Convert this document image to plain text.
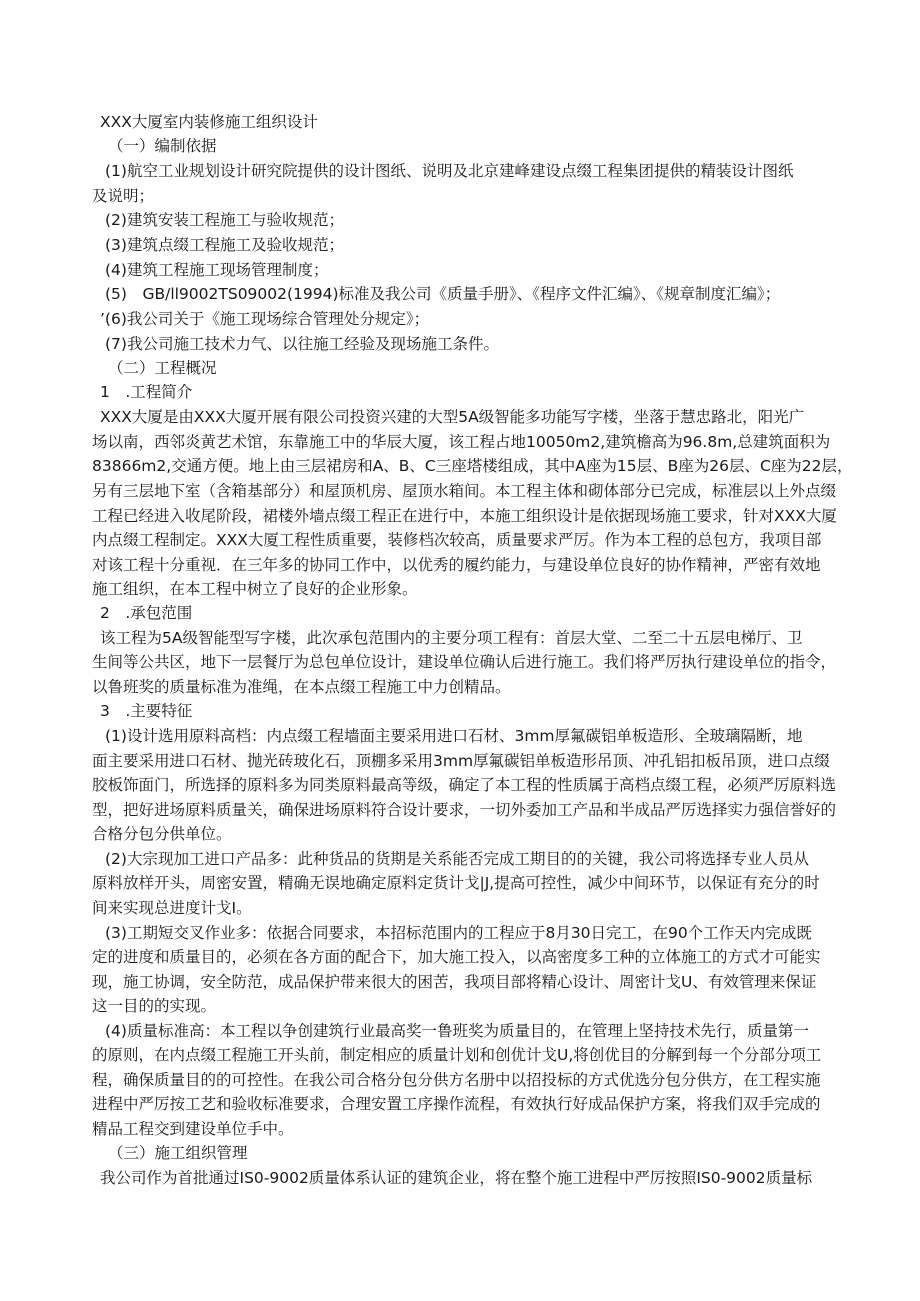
XXX大厦室内装修施工组织设计
（一）编制依据
(1)航空工业规划设计研究院提供的设计图纸、说明及北京建峰建设点缀工程集团提供的精装设计图纸
及说明；
(2)建筑安装工程施工与验收规范；
(3)建筑点缀工程施工及验收规范；
(4)建筑工程施工现场管理制度；
(5)　GB/ll9002TS09002(1994)标准及我公司《质量手册》、《程序文件汇编》、《规章制度汇编》；
’(6)我公司关于《施工现场综合管理处分规定》；
(7)我公司施工技术力气、以往施工经验及现场施工条件。
（二）工程概况
1　.工程简介
XXX大厦是由XXX大厦开展有限公司投资兴建的大型5A级智能多功能写字楼，坐落于慧忠路北，阳光广
场以南，西邻炎黄艺术馆，东靠施工中的华辰大厦，该工程占地10050m2,建筑檐高为96.8m,总建筑面积为
83866m2,交通方便。地上由三层裙房和A、B、C三座塔楼组成，其中A座为15层、B座为26层、C座为22层，
另有三层地下室（含箱基部分）和屋顶机房、屋顶水箱间。本工程主体和砌体部分已完成，标准层以上外点缀
工程已经进入收尾阶段，裙楼外墙点缀工程正在进行中，本施工组织设计是依据现场施工要求，针对XXX大厦
内点缀工程制定。XXX大厦工程性质重要，装修档次较高，质量要求严厉。作为本工程的总包方，我项目部
对该工程十分重视．在三年多的协同工作中，以优秀的履约能力，与建设单位良好的协作精神，严密有效地
施工组织，在本工程中树立了良好的企业形象。
2　.承包范围
该工程为5A级智能型写字楼，此次承包范围内的主要分项工程有：首层大堂、二至二十五层电梯厅、卫
生间等公共区，地下一层餐厅为总包单位设计，建设单位确认后进行施工。我们将严厉执行建设单位的指令，
以鲁班奖的质量标准为准绳，在本点缀工程施工中力创精品。
3　.主要特征
(1)设计选用原料高档：内点缀工程墙面主要采用进口石材、3mm厚氟碳铝单板造形、全玻璃隔断，地
面主要采用进口石材、抛光砖玻化石，顶棚多采用3mm厚氟碳铝单板造形吊顶、冲孔铝扣板吊顶，进口点缀
胶板饰面门，所选择的原料多为同类原料最高等级，确定了本工程的性质属于高档点缀工程，必须严厉原料选
型，把好进场原料质量关，确保进场原料符合设计要求，一切外委加工产品和半成品严厉选择实力强信誉好的
合格分包分供单位。
(2)大宗现加工进口产品多：此种货品的货期是关系能否完成工期目的的关键，我公司将选择专业人员从
原料放样开头，周密安置，精确无误地确定原料定货计戈|J,提高可控性，减少中间环节，以保证有充分的时
间来实现总进度计戈I。
(3)工期短交叉作业多：依据合同要求，本招标范围内的工程应于8月30日完工，在90个工作天内完成既
定的进度和质量目的，必须在各方面的配合下，加大施工投入，以高密度多工种的立体施工的方式才可能实
现，施工协调，安全防范，成品保护带来很大的困苦，我项目部将精心设计、周密计戈U、有效管理来保证
这一目的的实现。
(4)质量标准高：本工程以争创建筑行业最高奖一鲁班奖为质量目的，在管理上坚持技术先行，质量第一
的原则，在内点缀工程施工开头前，制定相应的质量计划和创优计戈U,将创优目的分解到每一个分部分项工
程，确保质量目的的可控性。在我公司合格分包分供方名册中以招投标的方式优选分包分供方，在工程实施
进程中严厉按工艺和验收标准要求，合理安置工序操作流程，有效执行好成品保护方案，将我们双手完成的
精品工程交到建设单位手中。
（三）施工组织管理
我公司作为首批通过IS0-9002质量体系认证的建筑企业，将在整个施工进程中严厉按照IS0-9002质量标
